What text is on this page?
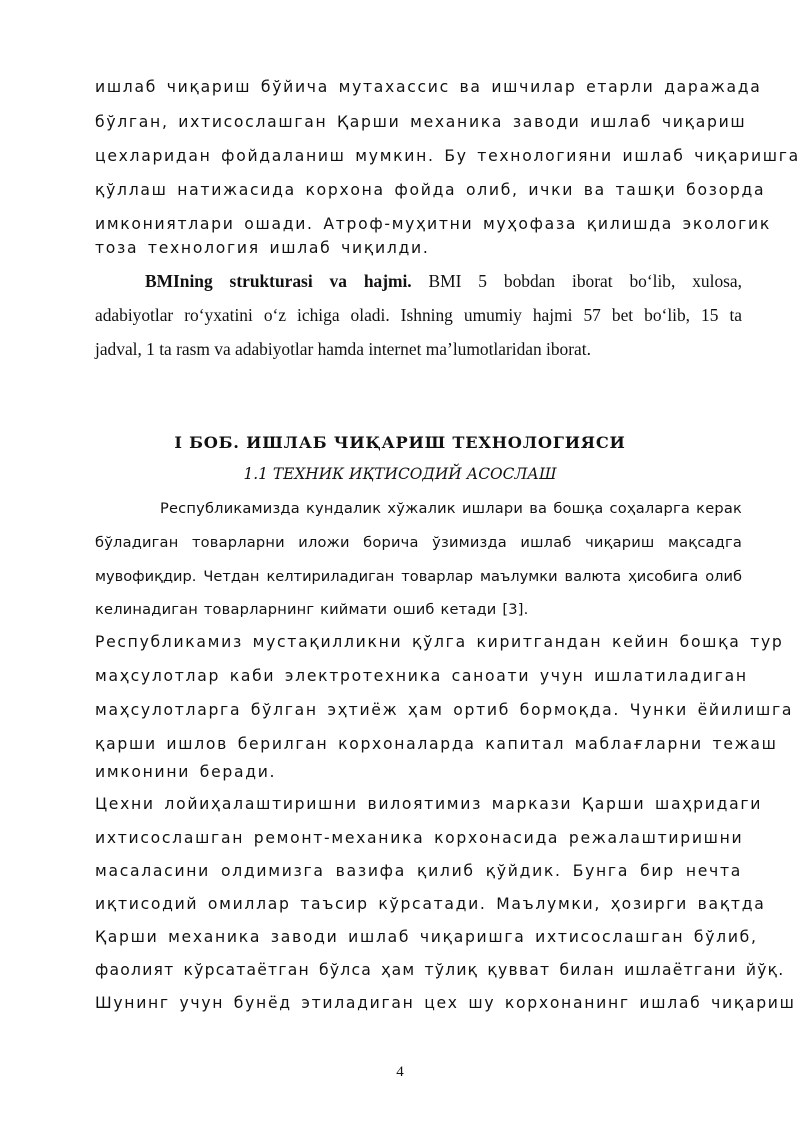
ишлаб чиқариш бўйича мутахассис ва ишчилар етарли даражада
бўлган, ихтисослашган Қарши механика заводи ишлаб чиқариш
цехларидан фойдаланиш мумкин. Бу технологияни ишлаб чиқаришга
қўллаш натижасида корхона фойда олиб, ички ва ташқи бозорда
имкониятлари ошади. Атроф-муҳитни муҳофаза қилишда экологик
тоза технология ишлаб чиқилди.
BMIning strukturasi va hajmi. BMI 5 bobdan iborat bo‘lib, xulosa,
adabiyotlar ro‘yxatini o‘z ichiga oladi. Ishning umumiy hajmi 57 bet bo‘lib, 15 ta
jadval, 1 ta rasm va adabiyotlar hamda internet ma’lumotlaridan iborat.
I БОБ. ИШЛАБ ЧИҚАРИШ ТЕХНОЛОГИЯСИ
1.1 ТЕХНИК ИҚТИСОДИЙ АСОСЛАШ
Республикамизда кундалик хўжалик ишлари ва бошқа соҳаларга керак
бўладиган товарларни иложи борича ўзимизда ишлаб чиқариш мақсадга
мувофиқдир. Четдан келтириладиган товарлар маълумки валюта ҳисобига олиб
келинадиган товарларнинг киймати ошиб кетади [3].
Республикамиз мустақилликни қўлга киритгандан кейин бошқа тур
маҳсулотлар каби электротехника саноати учун ишлатиладиган
маҳсулотларга бўлган эҳтиёж ҳам ортиб бормоқда. Чунки ёйилишга
қарши ишлов берилган корхоналарда капитал маблағларни тежаш
имконини беради.
Цехни лойиҳалаштиришни вилоятимиз маркази Қарши шаҳридаги
ихтисослашган ремонт-механика корхонасида режалаштиришни
масаласини олдимизга вазифа қилиб қўйдик. Бунга бир нечта
иқтисодий омиллар таъсир кўрсатади. Маълумки, ҳозирги вақтда
Қарши механика заводи ишлаб чиқаришга ихтисослашган бўлиб,
фаолият кўрсатаётган бўлса ҳам тўлиқ қувват билан ишлаётгани йўқ.
Шунинг учун бунёд этиладиган цех шу корхонанинг ишлаб чиқариш
4
